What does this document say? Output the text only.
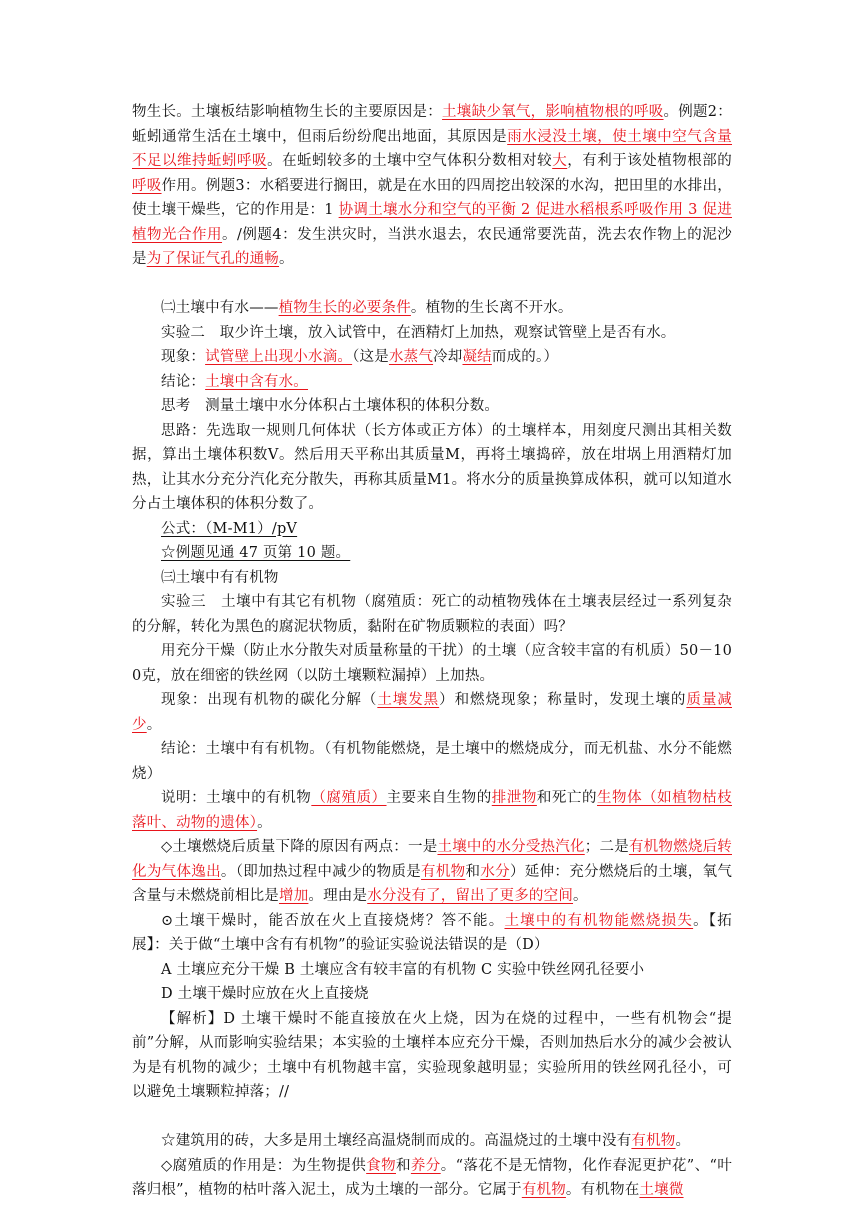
物生长。土壤板结影响植物生长的主要原因是：土壤缺少氧气，影响植物根的呼吸。例题2：蚯蚓通常生活在土壤中，但雨后纷纷爬出地面，其原因是雨水浸没土壤，使土壤中空气含量不足以维持蚯蚓呼吸。在蚯蚓较多的土壤中空气体积分数相对较大，有利于该处植物根部的呼吸作用。例题3：水稻要进行搁田，就是在水田的四周挖出较深的水沟，把田里的水排出，使土壤干燥些，它的作用是：1 协调土壤水分和空气的平衡 2 促进水稻根系呼吸作用 3 促进植物光合作用。/例题4：发生洪灾时，当洪水退去，农民通常要洗苗，洗去农作物上的泥沙是为了保证气孔的通畅。

㈡土壤中有水——植物生长的必要条件。植物的生长离不开水。

实验二　取少许土壤，放入试管中，在酒精灯上加热，观察试管壁上是否有水。

现象：试管壁上出现小水滴。（这是水蒸气冷却凝结而成的。）

结论：土壤中含有水。

思考　测量土壤中水分体积占土壤体积的体积分数。

思路：先选取一规则几何体状（长方体或正方体）的土壤样本，用刻度尺测出其相关数据，算出土壤体积数V。然后用天平称出其质量M，再将土壤捣碎，放在坩埚上用酒精灯加热，让其水分充分汽化充分散失，再称其质量M1。将水分的质量换算成体积，就可以知道水分占土壤体积的体积分数了。

公式：（M-M1）/pV

☆例题见通 47 页第 10 题。

㈢土壤中有有机物

实验三　土壤中有其它有机物（腐殖质：死亡的动植物残体在土壤表层经过一系列复杂的分解，转化为黑色的腐泥状物质，黏附在矿物质颗粒的表面）吗？

用充分干燥（防止水分散失对质量称量的干扰）的土壤（应含较丰富的有机质）50－100克，放在细密的铁丝网（以防土壤颗粒漏掉）上加热。

现象：出现有机物的碳化分解（土壤发黑）和燃烧现象；称量时，发现土壤的质量减少。

结论：土壤中有有机物。（有机物能燃烧，是土壤中的燃烧成分，而无机盐、水分不能燃烧）

说明：土壤中的有机物（腐殖质）主要来自生物的排泄物和死亡的生物体（如植物枯枝落叶、动物的遗体）。

◇土壤燃烧后质量下降的原因有两点：一是土壤中的水分受热汽化；二是有机物燃烧后转化为气体逸出。（即加热过程中减少的物质是有机物和水分）延伸：充分燃烧后的土壤，氧气含量与未燃烧前相比是增加。理由是水分没有了，留出了更多的空间。

⊙土壤干燥时，能否放在火上直接烧烤？答不能。土壤中的有机物能燃烧损失。【拓展】：关于做“土壤中含有有机物”的验证实验说法错误的是（D）

A 土壤应充分干燥 B 土壤应含有较丰富的有机物 C 实验中铁丝网孔径要小

D 土壤干燥时应放在火上直接烧

【解析】D 土壤干燥时不能直接放在火上烧，因为在烧的过程中，一些有机物会“提前”分解，从而影响实验结果；本实验的土壤样本应充分干燥，否则加热后水分的减少会被认为是有机物的减少；土壤中有机物越丰富，实验现象越明显；实验所用的铁丝网孔径小，可以避免土壤颗粒掉落；//

☆建筑用的砖，大多是用土壤经高温烧制而成的。高温烧过的土壤中没有有机物。

◇腐殖质的作用是：为生物提供食物和养分。“落花不是无情物，化作春泥更护花”、“叶落归根”，植物的枯叶落入泥土，成为土壤的一部分。它属于有机物。有机物在土壤微
